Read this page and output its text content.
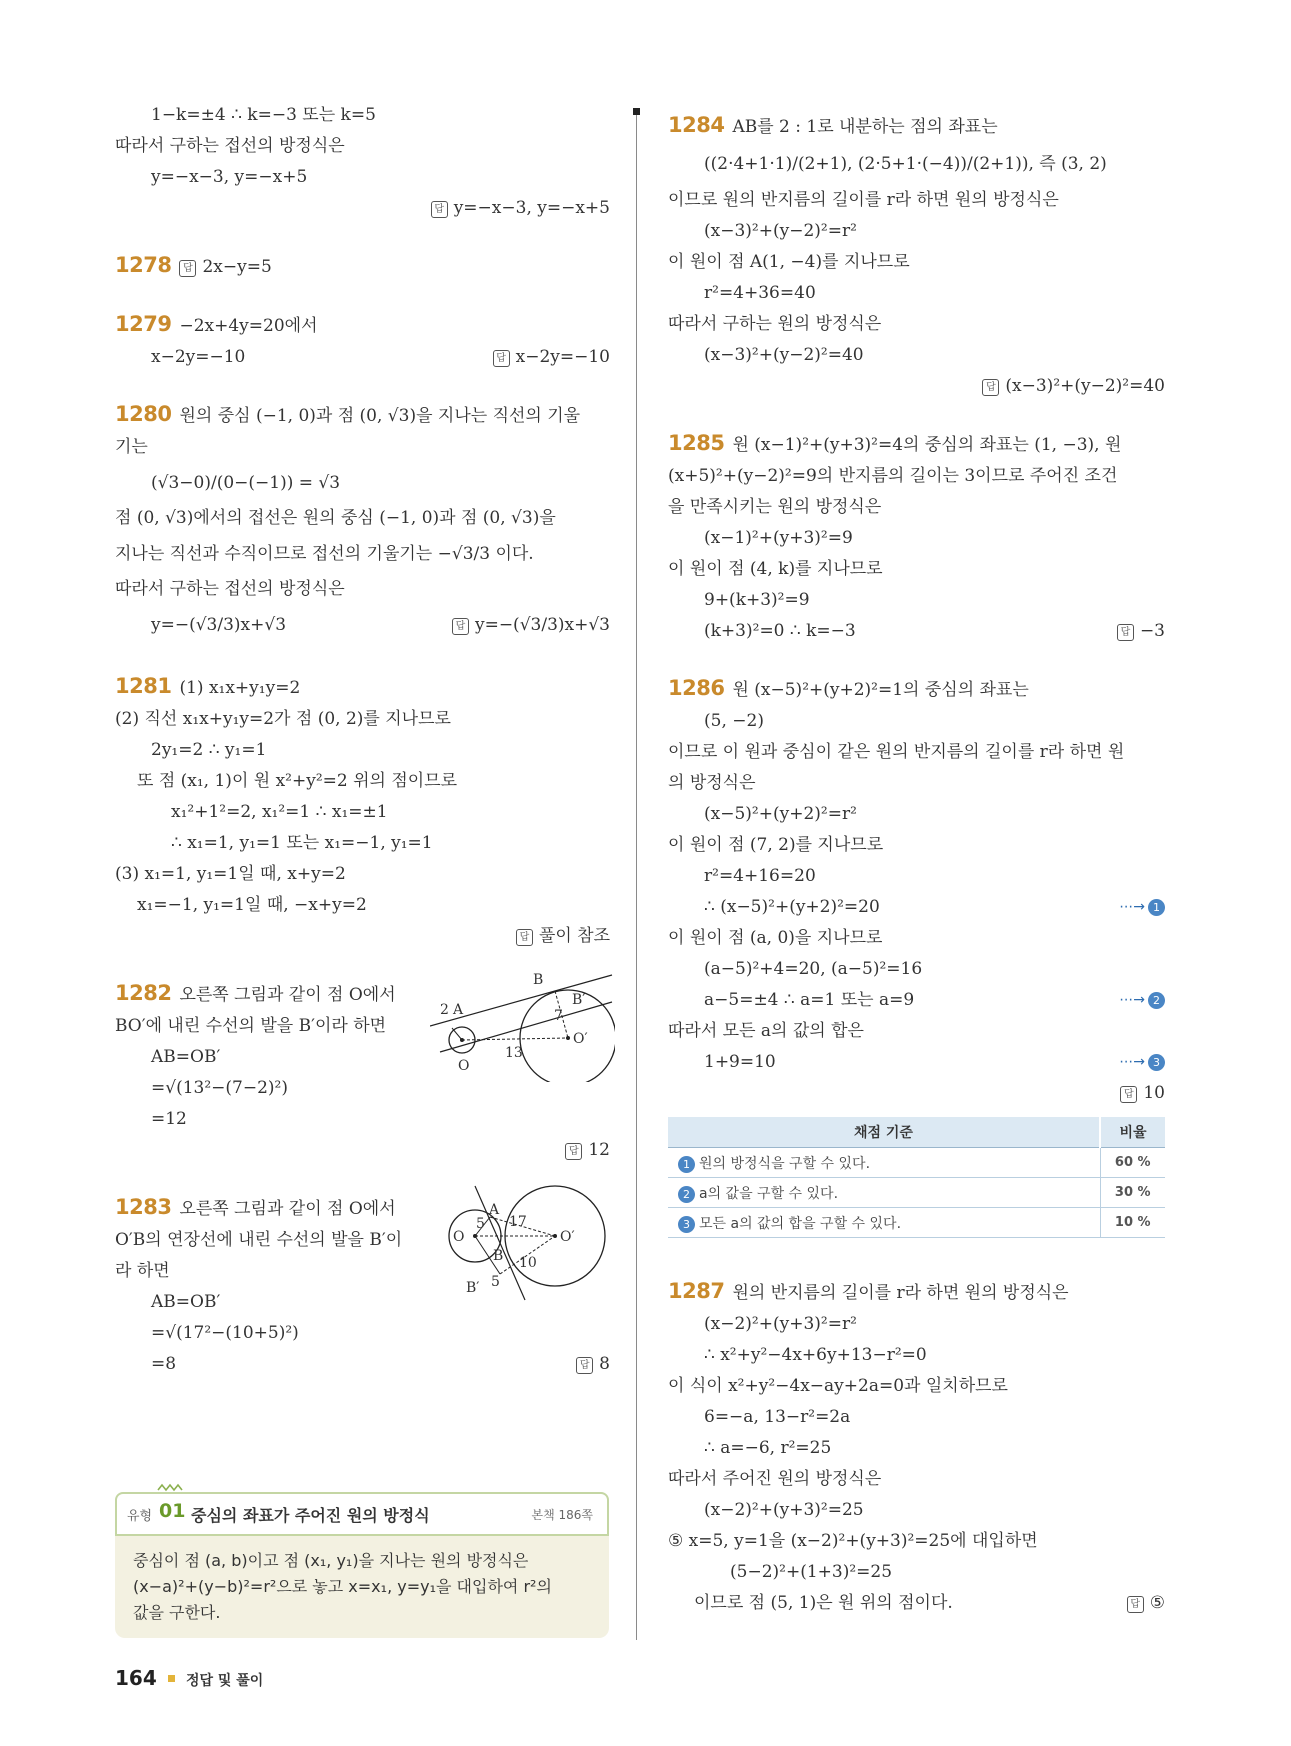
1−k=±4 ∴ k=−3 또는 k=5
따라서 구하는 접선의 방정식은
y=−x−3, y=−x+5
답 y=−x−3, y=−x+5
1278 답 2x−y=5
1279 −2x+4y=20에서
x−2y=−10	답 x−2y=−10
1280 원의 중심 (−1, 0)과 점 (0, √3)을 지나는 직선의 기울
기는
(√3−0)/(0−(−1)) = √3
점 (0, √3)에서의 접선은 원의 중심 (−1, 0)과 점 (0, √3)을
지나는 직선과 수직이므로 접선의 기울기는 −√3/3 이다.
따라서 구하는 접선의 방정식은
y=−(√3/3)x+√3	답 y=−(√3/3)x+√3
1281 (1) x₁x+y₁y=2
(2) 직선 x₁x+y₁y=2가 점 (0, 2)를 지나므로
2y₁=2 ∴ y₁=1
또 점 (x₁, 1)이 원 x²+y²=2 위의 점이므로
x₁²+1²=2, x₁²=1 ∴ x₁=±1
∴ x₁=1, y₁=1 또는 x₁=−1, y₁=1
(3) x₁=1, y₁=1일 때, x+y=2
x₁=−1, y₁=1일 때, −x+y=2
답 풀이 참조
1282 오른쪽 그림과 같이 점 O에서
BO′에 내린 수선의 발을 B′이라 하면
AB=OB′
=√(13²−(7−2)²)
=12
답 12
B
B′
A
2	7
O
O′
13
1283 오른쪽 그림과 같이 점 O에서
O′B의 연장선에 내린 수선의 발을 B′이
라 하면
AB=OB′
=√(17²−(10+5)²)
=8	답 8
A
B
B′
O	O′
5
5
10
17
유형 01 중심의 좌표가 주어진 원의 방정식	본책 186쪽
중심이 점 (a, b)이고 점 (x₁, y₁)을 지나는 원의 방정식은
(x−a)²+(y−b)²=r²으로 놓고 x=x₁, y=y₁을 대입하여 r²의
값을 구한다.
1284 AB를 2 : 1로 내분하는 점의 좌표는
((2·4+1·1)/(2+1), (2·5+1·(−4))/(2+1)), 즉 (3, 2)
이므로 원의 반지름의 길이를 r라 하면 원의 방정식은
(x−3)²+(y−2)²=r²
이 원이 점 A(1, −4)를 지나므로
r²=4+36=40
따라서 구하는 원의 방정식은
(x−3)²+(y−2)²=40
답 (x−3)²+(y−2)²=40
1285 원 (x−1)²+(y+3)²=4의 중심의 좌표는 (1, −3), 원
(x+5)²+(y−2)²=9의 반지름의 길이는 3이므로 주어진 조건
을 만족시키는 원의 방정식은
(x−1)²+(y+3)²=9
이 원이 점 (4, k)를 지나므로
9+(k+3)²=9
(k+3)²=0 ∴ k=−3	답 −3
1286 원 (x−5)²+(y+2)²=1의 중심의 좌표는
(5, −2)
이므로 이 원과 중심이 같은 원의 반지름의 길이를 r라 하면 원
의 방정식은
(x−5)²+(y+2)²=r²
이 원이 점 (7, 2)를 지나므로
r²=4+16=20
∴ (x−5)²+(y+2)²=20	⋯→ 1
이 원이 점 (a, 0)을 지나므로
(a−5)²+4=20, (a−5)²=16
a−5=±4 ∴ a=1 또는 a=9	⋯→ 2
따라서 모든 a의 값의 합은
1+9=10	⋯→ 3
답 10
채점 기준	비율
1 원의 방정식을 구할 수 있다.	60 %
2 a의 값을 구할 수 있다.	30 %
3 모든 a의 값의 합을 구할 수 있다.	10 %
1287 원의 반지름의 길이를 r라 하면 원의 방정식은
(x−2)²+(y+3)²=r²
∴ x²+y²−4x+6y+13−r²=0
이 식이 x²+y²−4x−ay+2a=0과 일치하므로
6=−a, 13−r²=2a
∴ a=−6, r²=25
따라서 주어진 원의 방정식은
(x−2)²+(y+3)²=25
⑤ x=5, y=1을 (x−2)²+(y+3)²=25에 대입하면
(5−2)²+(1+3)²=25
이므로 점 (5, 1)은 원 위의 점이다.	답 ⑤
164 정답 및 풀이
